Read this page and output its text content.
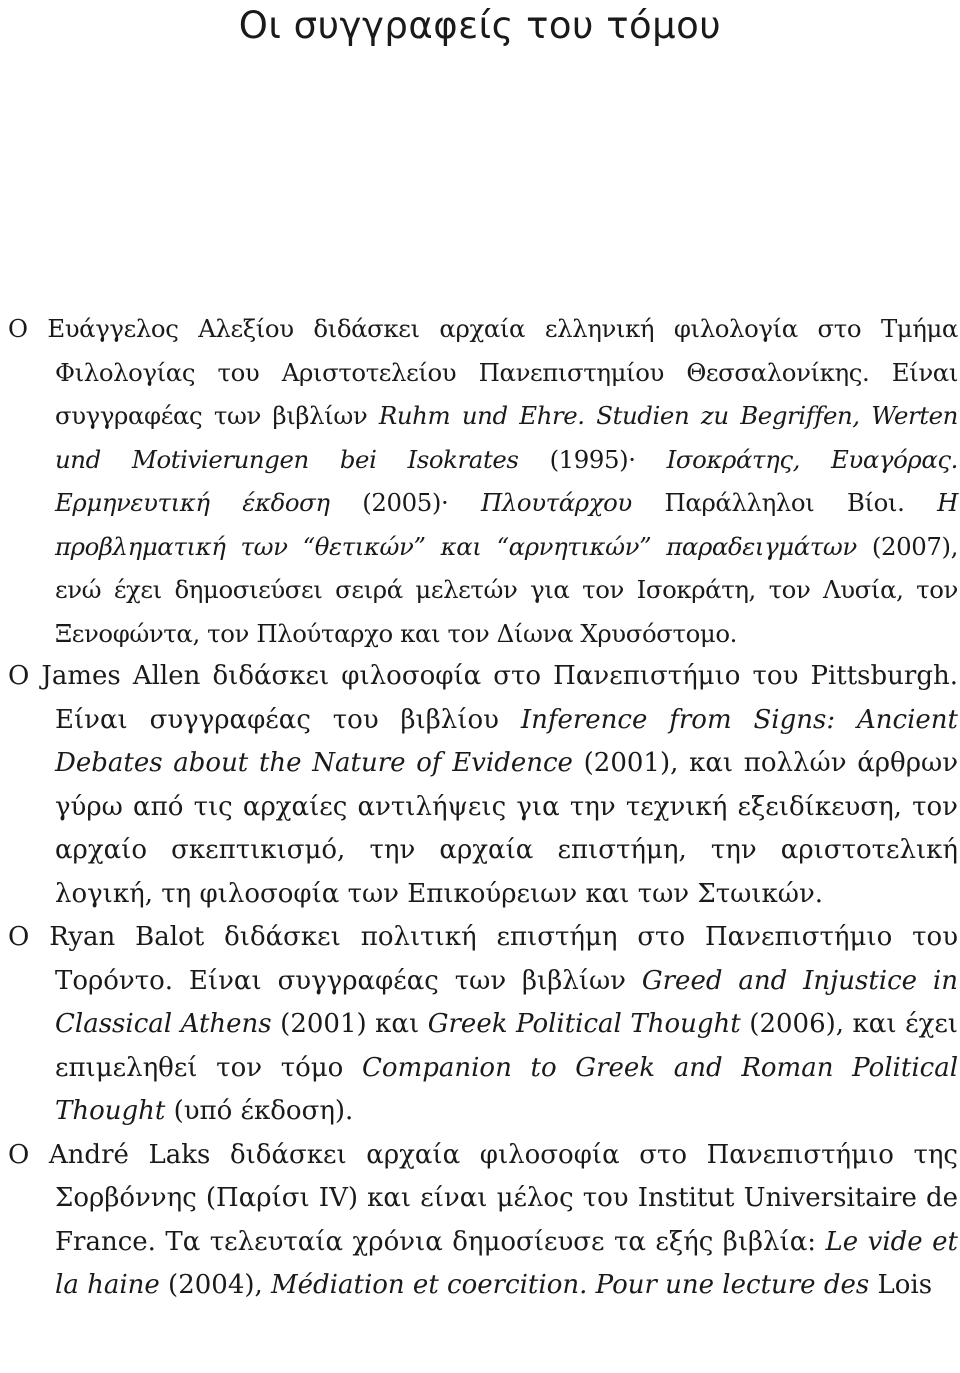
Οι συγγραφείς του τόμου

Ο Ευάγγελος Αλεξίου διδάσκει αρχαία ελληνική φιλολογία στο Τμήμα Φιλολογίας του Αριστοτελείου Πανεπιστημίου Θεσσαλονίκης. Είναι συγγραφέας των βιβλίων Ruhm und Ehre. Studien zu Begriffen, Werten und Motivierungen bei Isokrates (1995)· Ισοκράτης, Ευαγόρας. Ερμηνευτική έκδοση (2005)· Πλουτάρχου Παράλληλοι Βίοι. Η προβληματική των “θετικών” και “αρνητικών” παραδειγμάτων (2007), ενώ έχει δημοσιεύσει σειρά μελετών για τον Ισοκράτη, τον Λυσία, τον Ξενοφώντα, τον Πλούταρχο και τον Δίωνα Χρυσόστομο.

Ο James Allen διδάσκει φιλοσοφία στο Πανεπιστήμιο του Pittsburgh. Είναι συγγραφέας του βιβλίου Inference from Signs: Ancient Debates about the Nature of Evidence (2001), και πολλών άρθρων γύρω από τις αρχαίες αντιλήψεις για την τεχνική εξειδίκευση, τον αρχαίο σκεπτικισμό, την αρχαία επιστήμη, την αριστοτελική λογική, τη φιλοσοφία των Επικούρειων και των Στωικών.

Ο Ryan Balot διδάσκει πολιτική επιστήμη στο Πανεπιστήμιο του Τορόντο. Είναι συγγραφέας των βιβλίων Greed and Injustice in Classical Athens (2001) και Greek Political Thought (2006), και έχει επιμεληθεί τον τόμο Companion to Greek and Roman Political Thought (υπό έκδοση).

Ο André Laks διδάσκει αρχαία φιλοσοφία στο Πανεπιστήμιο της Σορβόννης (Παρίσι IV) και είναι μέλος του Institut Universitaire de France. Τα τελευταία χρόνια δημοσίευσε τα εξής βιβλία: Le vide et la haine (2004), Médiation et coercition. Pour une lecture des Lois
